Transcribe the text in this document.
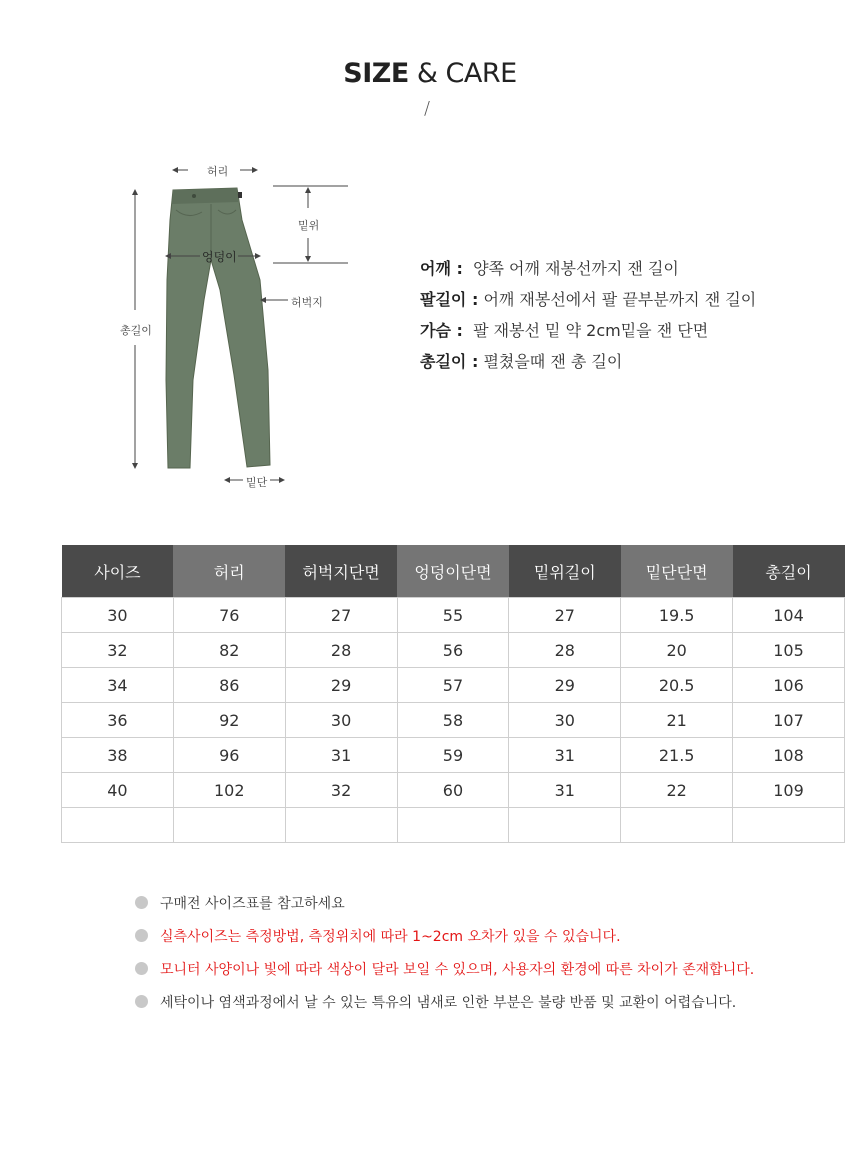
SIZE & CARE
/
허리
밑위
엉덩이
허벅지
총길이
밑단
어깨 : 양쪽 어깨 재봉선까지 잰 길이
팔길이 : 어깨 재봉선에서 팔 끝부분까지 잰 길이
가슴 : 팔 재봉선 밑 약 2cm밑을 잰 단면
총길이 : 펼쳤을때 잰 총 길이
사이즈	허리	허벅지단면	엉덩이단면	밑위길이	밑단단면	총길이
30	76	27	55	27	19.5	104
32	82	28	56	28	20	105
34	86	29	57	29	20.5	106
36	92	30	58	30	21	107
38	96	31	59	31	21.5	108
40	102	32	60	31	22	109

구매전 사이즈표를 참고하세요
실측사이즈는 측정방법, 측정위치에 따라 1~2cm 오차가 있을 수 있습니다.
모니터 사양이나 빛에 따라 색상이 달라 보일 수 있으며, 사용자의 환경에 따른 차이가 존재합니다.
세탁이나 염색과정에서 날 수 있는 특유의 냄새로 인한 부분은 불량 반품 및 교환이 어렵습니다.
